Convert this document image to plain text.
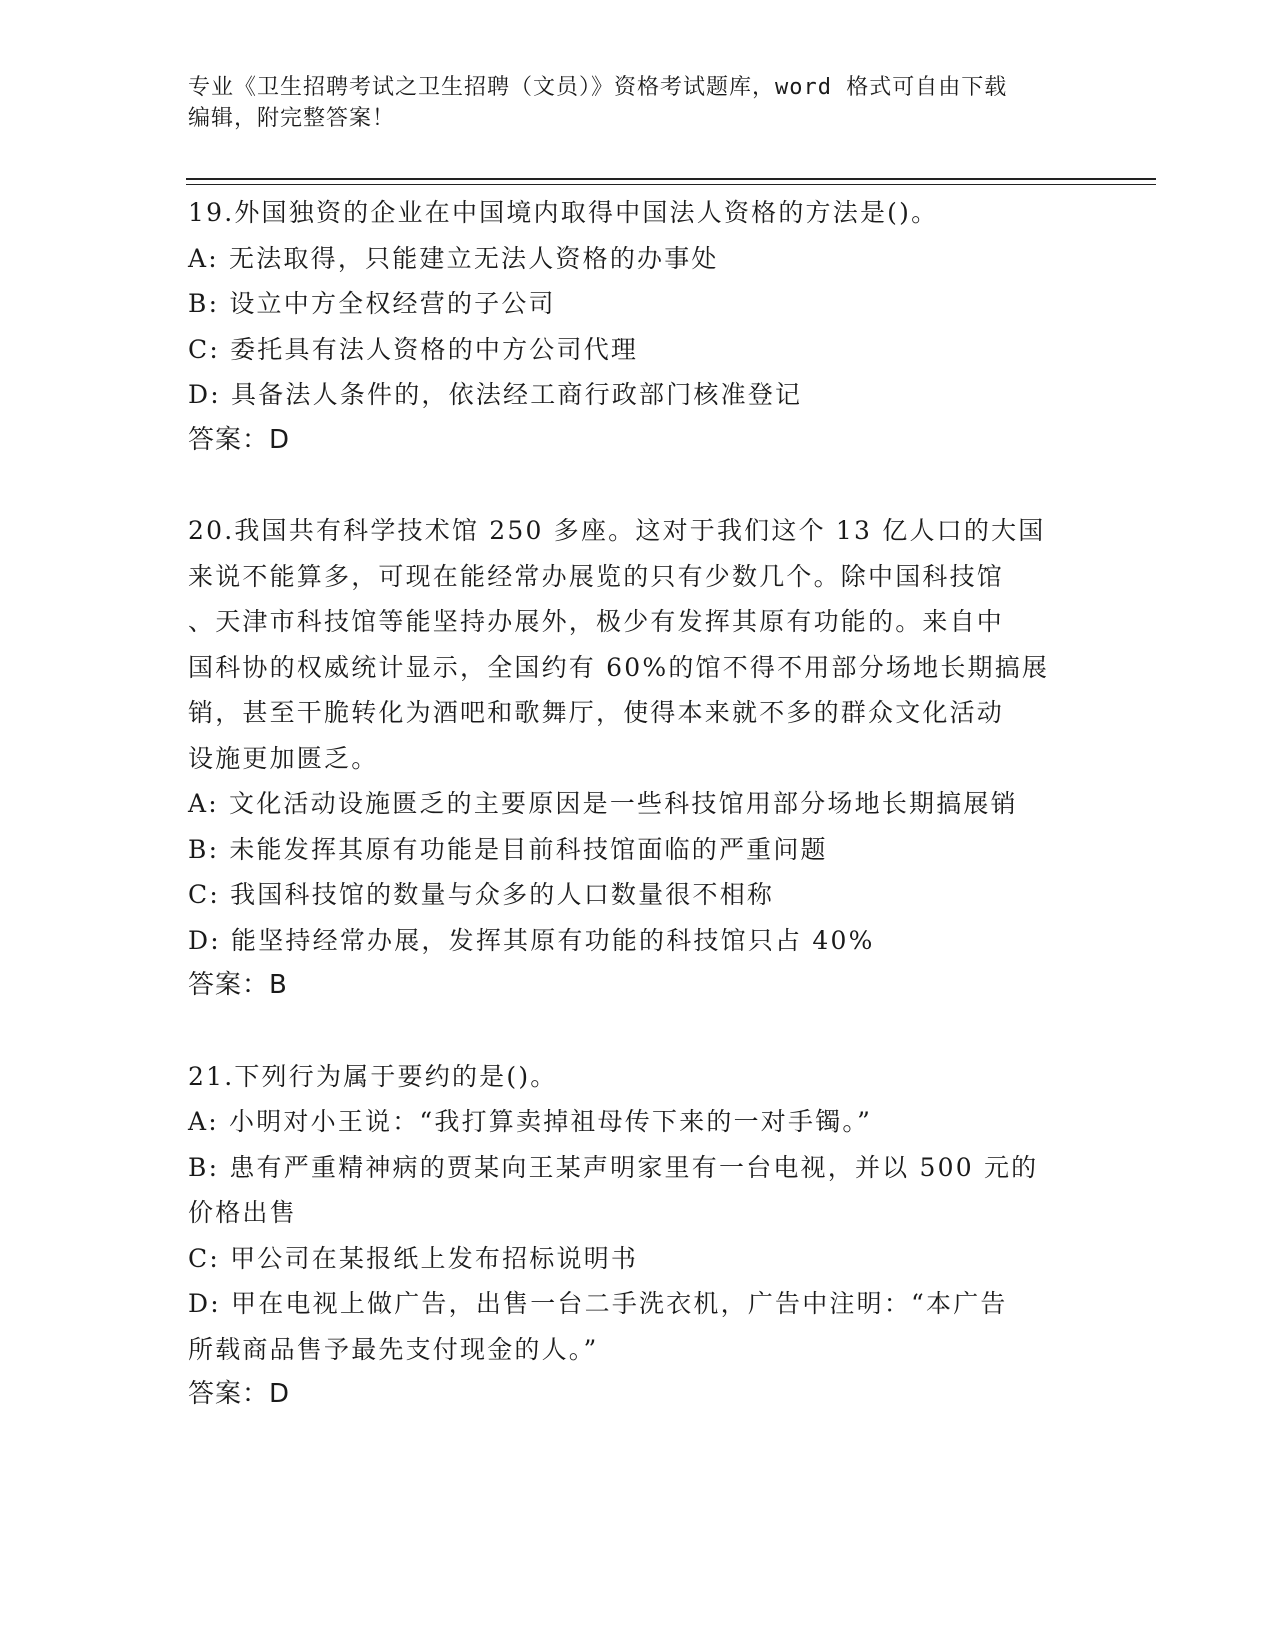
专业《卫生招聘考试之卫生招聘（文员）》资格考试题库，word 格式可自由下载
编辑，附完整答案！
19.外国独资的企业在中国境内取得中国法人资格的方法是()。
A: 无法取得，只能建立无法人资格的办事处
B: 设立中方全权经营的子公司
C: 委托具有法人资格的中方公司代理
D: 具备法人条件的，依法经工商行政部门核准登记
答案：D
20.我国共有科学技术馆 250 多座。这对于我们这个 13 亿人口的大国
来说不能算多，可现在能经常办展览的只有少数几个。除中国科技馆
、天津市科技馆等能坚持办展外，极少有发挥其原有功能的。来自中
国科协的权威统计显示，全国约有 60%的馆不得不用部分场地长期搞展
销，甚至干脆转化为酒吧和歌舞厅，使得本来就不多的群众文化活动
设施更加匮乏。
A: 文化活动设施匮乏的主要原因是一些科技馆用部分场地长期搞展销
B: 未能发挥其原有功能是目前科技馆面临的严重问题
C: 我国科技馆的数量与众多的人口数量很不相称
D: 能坚持经常办展，发挥其原有功能的科技馆只占 40%
答案：B
21.下列行为属于要约的是()。
A: 小明对小王说：“我打算卖掉祖母传下来的一对手镯。”
B: 患有严重精神病的贾某向王某声明家里有一台电视，并以 500 元的
价格出售
C: 甲公司在某报纸上发布招标说明书
D: 甲在电视上做广告，出售一台二手洗衣机，广告中注明：“本广告
所载商品售予最先支付现金的人。”
答案：D
